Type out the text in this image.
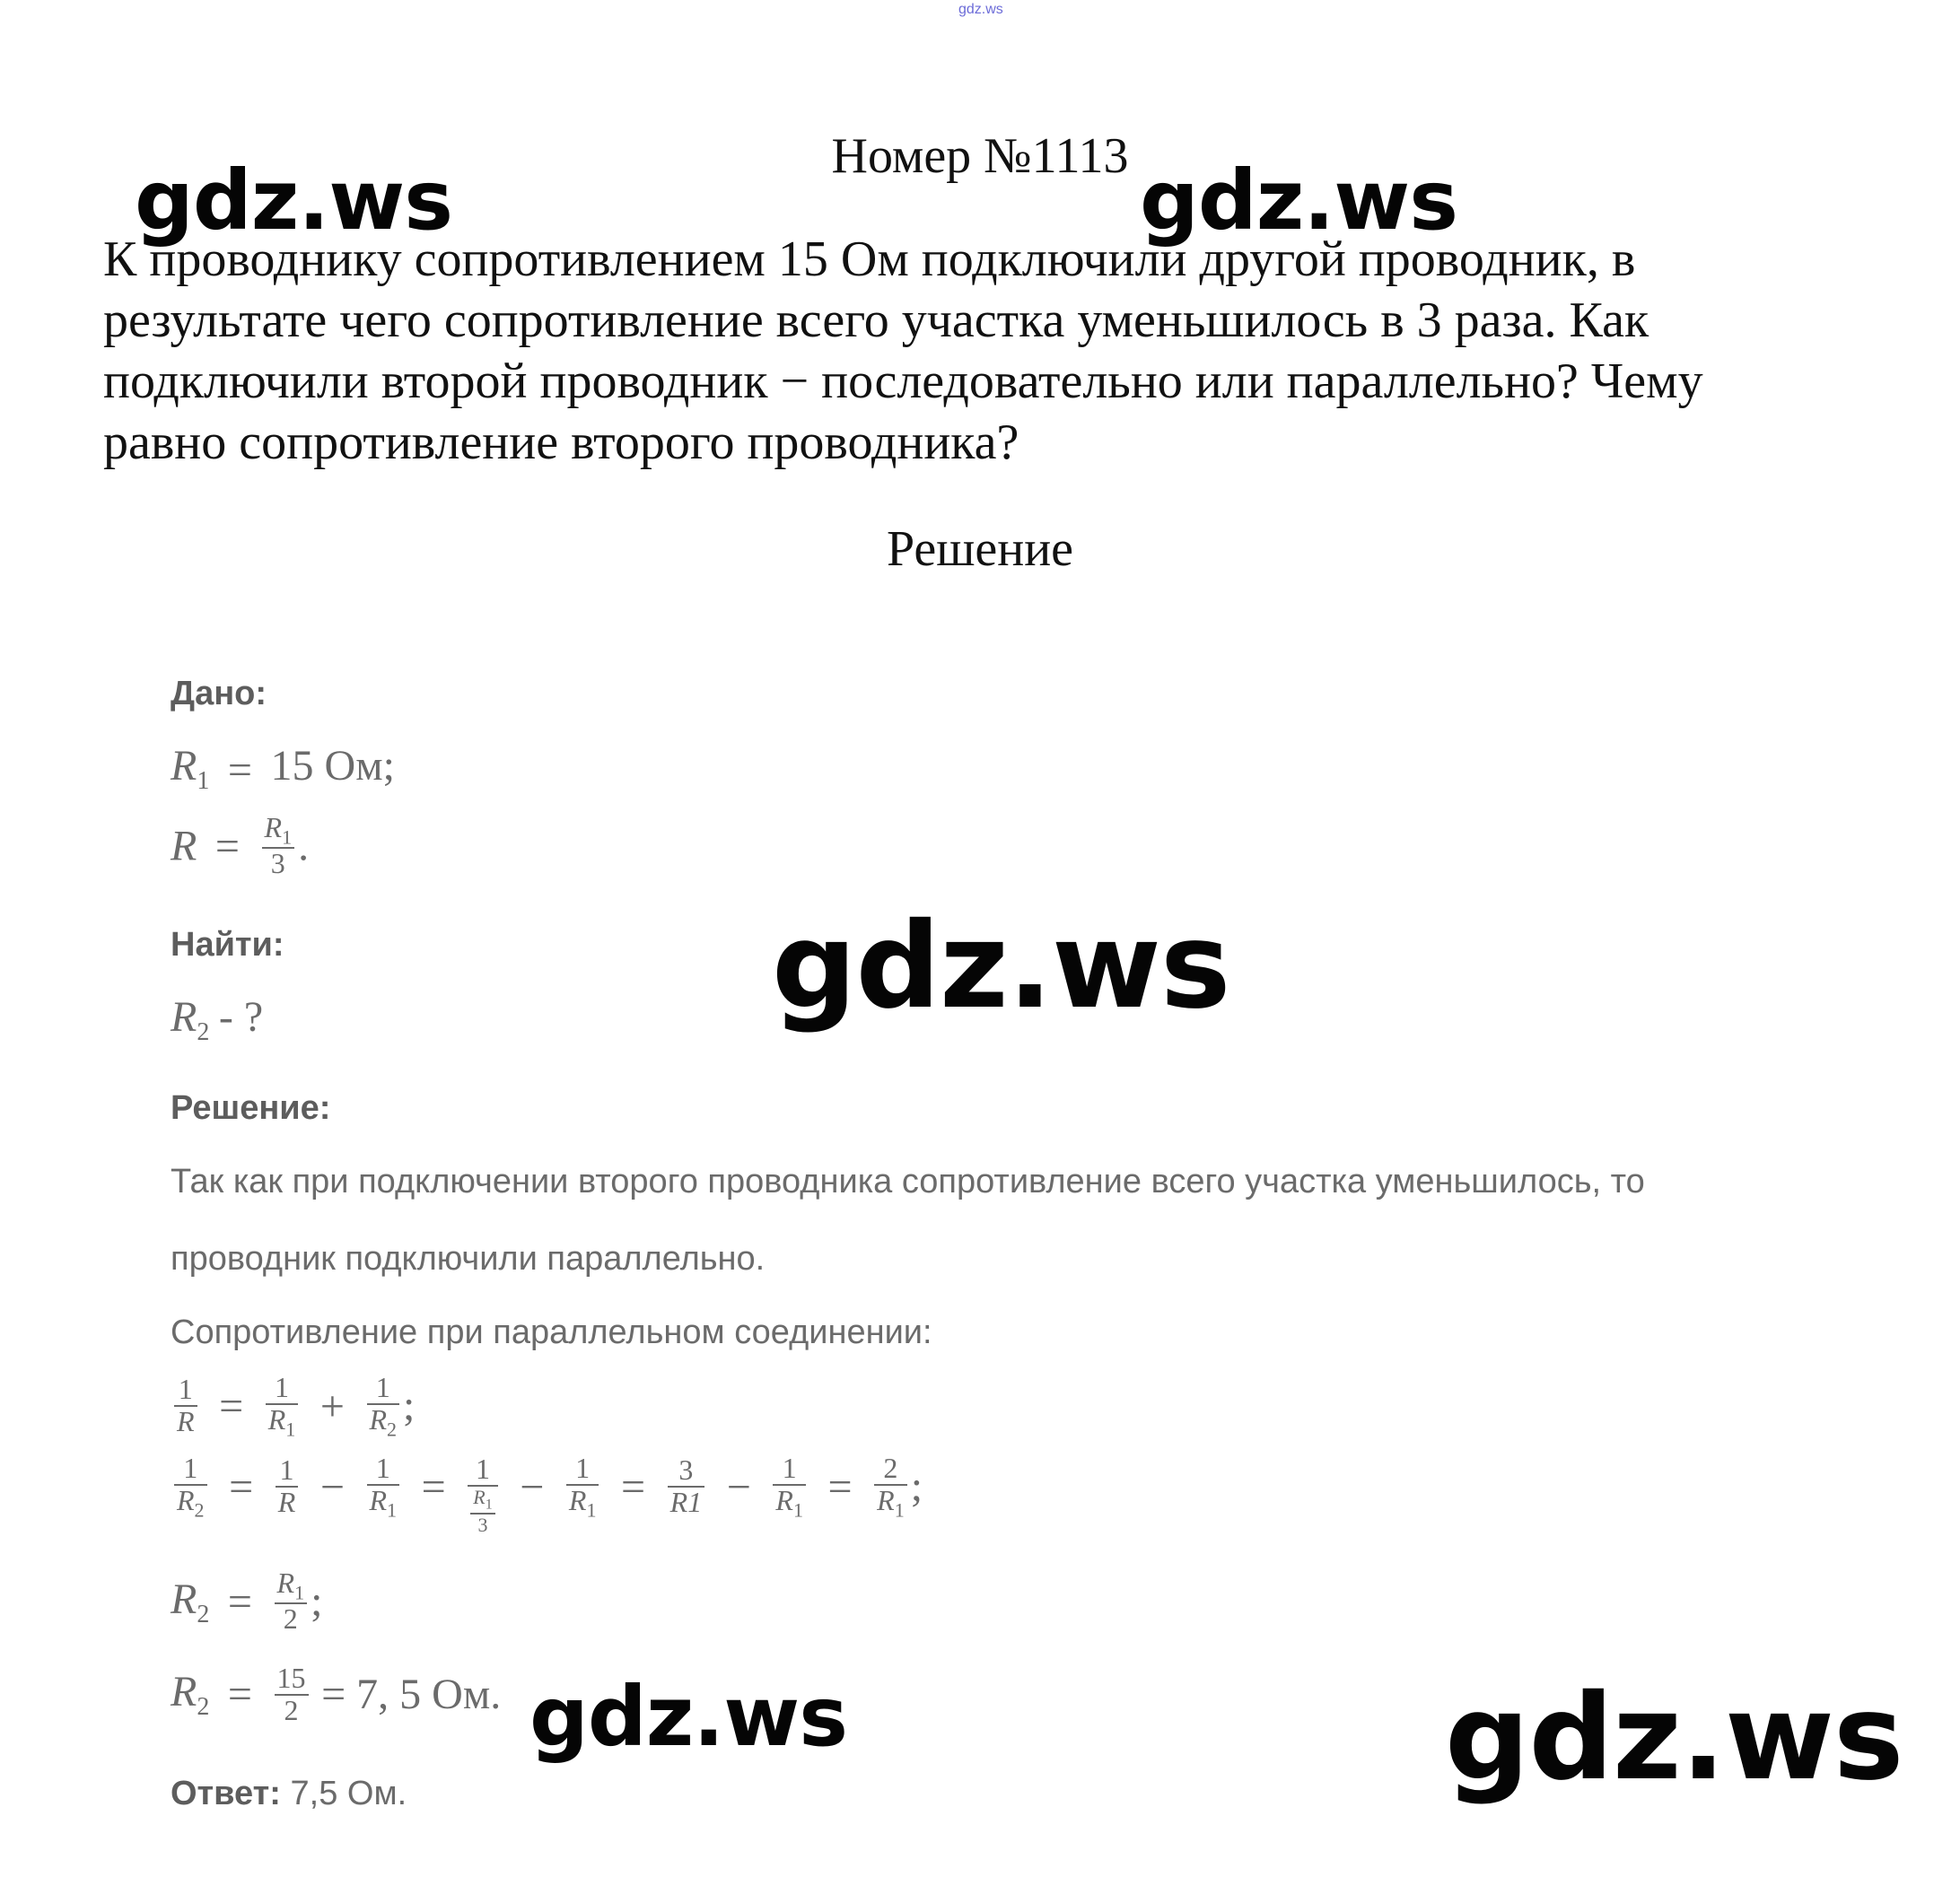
gdz.ws
Номер №1113
К проводнику сопротивлением 15 Ом подключили другой проводник, в
результате чего сопротивление всего участка уменьшилось в 3 раза. Как
подключили второй проводник − последовательно или параллельно? Чему
равно сопротивление второго проводника?
Решение
Дано:
$R_1 = 15$ Ом;
$R = \frac{R_1}{3}$ .
Найти:
$R_2$ - ?
Решение:
Так как при подключении второго проводника сопротивление всего участка уменьшилось, то
проводник подключили параллельно.
Сопротивление при параллельном соединении:
$\frac{1}{R} = \frac{1}{R_1} + \frac{1}{R_2}$ ;
$\frac{1}{R_2} = \frac{1}{R} - \frac{1}{R_1} = \frac{1}{\frac{R_1}{3}} - \frac{1}{R_1} = \frac{3}{R1} - \frac{1}{R_1} = \frac{2}{R_1}$ ;
$R_2 = \frac{R_1}{2}$ ;
$R_2 = \frac{15}{2} = 7$, 5 Ом.
Ответ: 7,5 Ом.
gdz.ws	gdz.ws
gdz.ws
gdz.ws	gdz.ws
